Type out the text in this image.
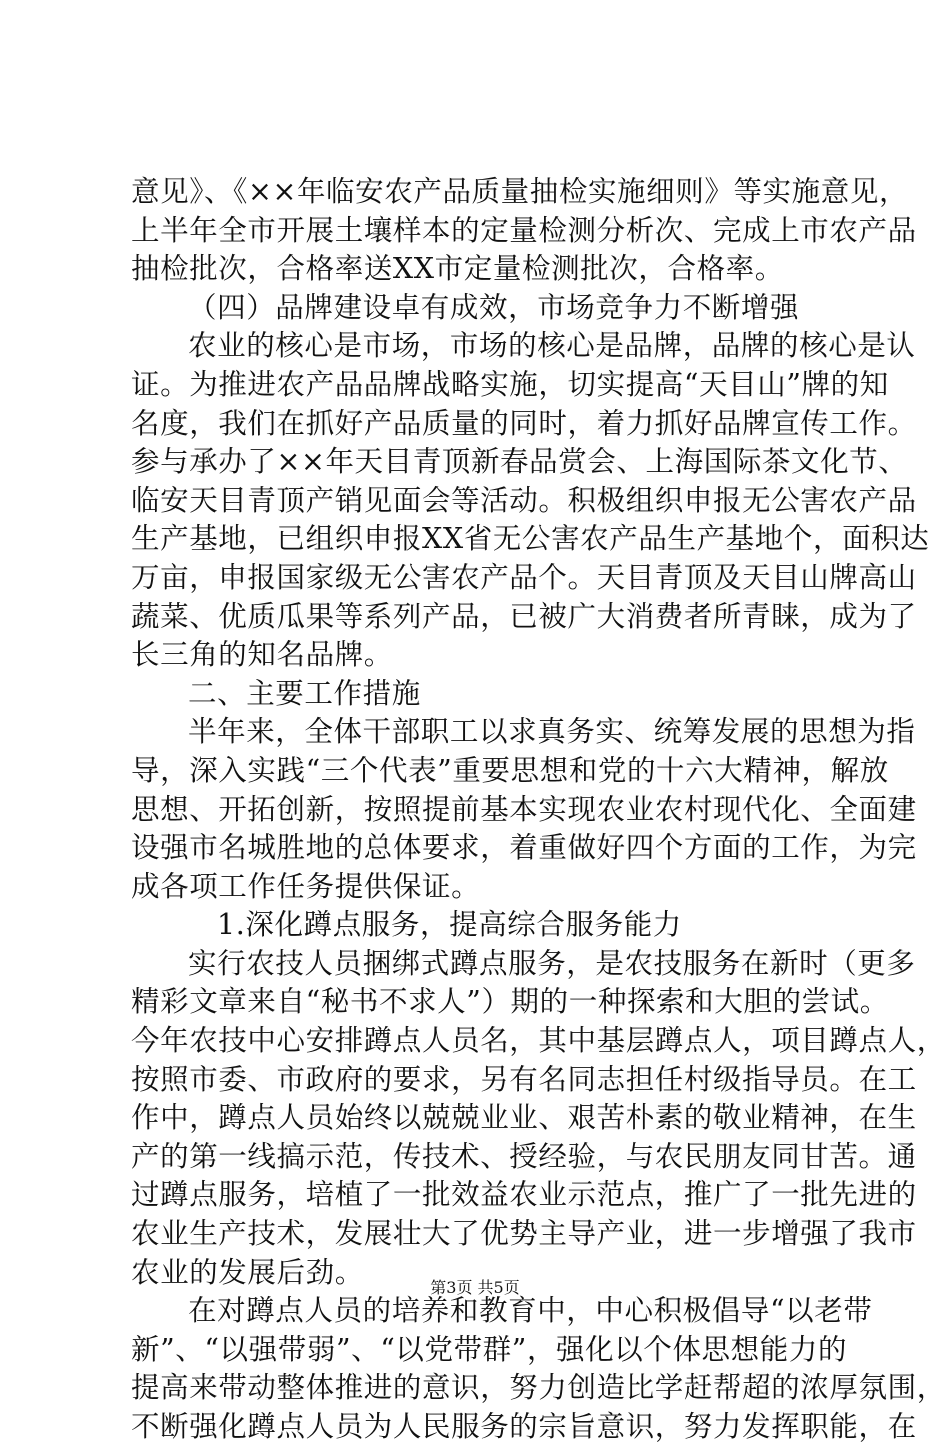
意见》、《××年临安农产品质量抽检实施细则》等实施意见，
上半年全市开展土壤样本的定量检测分析次、完成上市农产品
抽检批次，合格率送XX市定量检测批次，合格率。
（四）品牌建设卓有成效，市场竞争力不断增强
农业的核心是市场，市场的核心是品牌，品牌的核心是认
证。为推进农产品品牌战略实施，切实提高“天目山”牌的知
名度，我们在抓好产品质量的同时，着力抓好品牌宣传工作。
参与承办了××年天目青顶新春品赏会、上海国际茶文化节、
临安天目青顶产销见面会等活动。积极组织申报无公害农产品
生产基地，已组织申报XX省无公害农产品生产基地个，面积达
万亩，申报国家级无公害农产品个。天目青顶及天目山牌高山
蔬菜、优质瓜果等系列产品，已被广大消费者所青睐，成为了
长三角的知名品牌。
二、主要工作措施
半年来，全体干部职工以求真务实、统筹发展的思想为指
导，深入实践“三个代表”重要思想和党的十六大精神，解放
思想、开拓创新，按照提前基本实现农业农村现代化、全面建
设强市名城胜地的总体要求，着重做好四个方面的工作，为完
成各项工作任务提供保证。
1.深化蹲点服务，提高综合服务能力
实行农技人员捆绑式蹲点服务，是农技服务在新时（更多
精彩文章来自“秘书不求人”）期的一种探索和大胆的尝试。
今年农技中心安排蹲点人员名，其中基层蹲点人，项目蹲点人，
按照市委、市政府的要求，另有名同志担任村级指导员。在工
作中，蹲点人员始终以兢兢业业、艰苦朴素的敬业精神，在生
产的第一线搞示范，传技术、授经验，与农民朋友同甘苦。通
过蹲点服务，培植了一批效益农业示范点，推广了一批先进的
农业生产技术，发展壮大了优势主导产业，进一步增强了我市
农业的发展后劲。
在对蹲点人员的培养和教育中，中心积极倡导“以老带
新”、“以强带弱”、“以党带群”，强化以个体思想能力的
提高来带动整体推进的意识，努力创造比学赶帮超的浓厚氛围，
不断强化蹲点人员为人民服务的宗旨意识，努力发挥职能，在
第3页 共5页
